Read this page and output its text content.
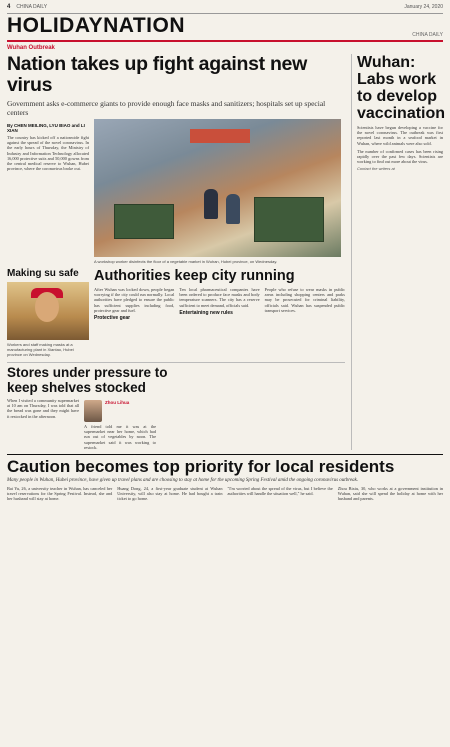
4 CHINA DAILY	January 24, 2020
HOLIDAYNATION	CHINA DAILY
Wuhan Outbreak
Nation takes up fight against new virus
Government asks e-commerce giants to provide enough face masks and sanitizers; hospitals set up special centers
By CHEN MEILING, LYU BIAO and LI XIAN
The country has kicked off a nationwide fight against the spread of the novel coronavirus. In the early hours of Thursday, the Ministry of Industry and Information Technology allocated 16,000 protective suits and 50,000 gowns from the central medical reserve to Wuhan, Hubei province, where the coronavirus broke out.
A workshop worker disinfects the floor of a vegetable market in Wuhan, Hubei province, on Wednesday.
Making su safe
Workers and staff making masks at a manufacturing plant in Xiantao, Hubei province on Wednesday.
Authorities keep city running
After Wuhan was locked down, people began worrying if the city could run normally. Local authorities have pledged to ensure the public has sufficient supplies including food, protective gear and fuel.
Protective gear
Ten local pharmaceutical companies have been ordered to produce face masks and body temperature scanners. The city has a reserve sufficient to meet demand, officials said.
Entertaining new rules
People who refuse to wear masks in public areas including shopping centers and parks may be prosecuted for criminal liability, officials said. Wuhan has suspended public transport services.
Stores under pressure to keep shelves stocked
When I visited a community supermarket at 10 am on Thursday, I was told that all the bread was gone and they might have it restocked in the afternoon.
Zhou Lihua
A friend told me it was at the supermarket near her home, which had run out of vegetables by noon. The supermarket said it was working to restock.
Wuhan: Labs work to develop vaccination
Scientists have begun developing a vaccine for the novel coronavirus. The outbreak was first reported last month in a seafood market in Wuhan, where wild animals were also sold.
The number of confirmed cases has been rising rapidly over the past few days. Scientists are working to find out more about the virus.
Contact the writers at
Caution becomes top priority for local residents
Many people in Wuhan, Hubei province, have given up travel plans and are choosing to stay at home for the upcoming Spring Festival amid the ongoing coronavirus outbreak.
Bai Yu, 26, a university teacher in Wuhan, has canceled her travel reservations for the Spring Festival. Instead, she and her husband will stay at home.
Huang Dong, 24, a first-year graduate student at Wuhan University, will also stay at home. He had bought a train ticket to go home.
"I'm worried about the spread of the virus, but I believe the authorities will handle the situation well," he said.
Zhou Bixiu, 30, who works at a government institution in Wuhan, said she will spend the holiday at home with her husband and parents.
